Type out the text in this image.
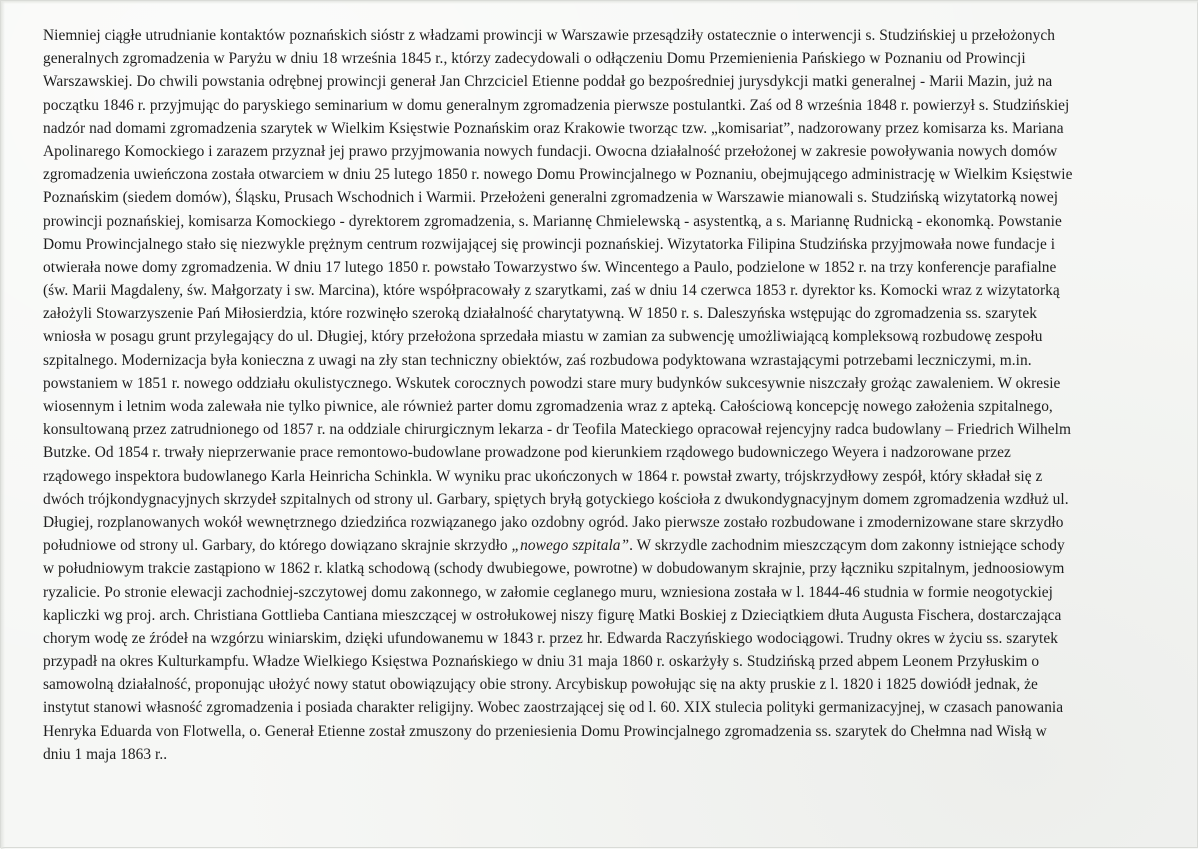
Niemniej ciągłe utrudnianie kontaktów poznańskich sióstr z władzami prowincji w Warszawie przesądziły ostatecznie o interwencji s. Studzińskiej u przełożonych
generalnych zgromadzenia w Paryżu w dniu 18 września 1845 r., którzy zadecydowali o odłączeniu Domu Przemienienia Pańskiego w Poznaniu od Prowincji
Warszawskiej. Do chwili powstania odrębnej prowincji generał Jan Chrzciciel Etienne poddał go bezpośredniej jurysdykcji matki generalnej - Marii Mazin, już na
początku 1846 r. przyjmując do paryskiego seminarium w domu generalnym zgromadzenia pierwsze postulantki. Zaś od 8 września 1848 r. powierzył s. Studzińskiej
nadzór nad domami zgromadzenia szarytek w Wielkim Księstwie Poznańskim oraz Krakowie tworząc tzw. „komisariat”, nadzorowany przez komisarza ks. Mariana
Apolinarego Komockiego i zarazem przyznał jej prawo przyjmowania nowych fundacji. Owocna działalność przełożonej w zakresie powoływania nowych domów
zgromadzenia uwieńczona została otwarciem w dniu 25 lutego 1850 r. nowego Domu Prowincjalnego w Poznaniu, obejmującego administrację w Wielkim Księstwie
Poznańskim (siedem domów), Śląsku, Prusach Wschodnich i Warmii. Przełożeni generalni zgromadzenia w Warszawie mianowali s. Studzińską wizytatorką nowej
prowincji poznańskiej, komisarza Komockiego - dyrektorem zgromadzenia, s. Mariannę Chmielewską - asystentką, a s. Mariannę Rudnicką - ekonomką. Powstanie
Domu Prowincjalnego stało się niezwykle prężnym centrum rozwijającej się prowincji poznańskiej. Wizytatorka Filipina Studzińska przyjmowała nowe fundacje i
otwierała nowe domy zgromadzenia. W dniu 17 lutego 1850 r. powstało Towarzystwo św. Wincentego a Paulo, podzielone w 1852 r. na trzy konferencje parafialne
(św. Marii Magdaleny, św. Małgorzaty i sw. Marcina), które współpracowały z szarytkami, zaś w dniu 14 czerwca 1853 r. dyrektor ks. Komocki wraz z wizytatorką
założyli Stowarzyszenie Pań Miłosierdzia, które rozwinęło szeroką działalność charytatywną. W 1850 r. s. Daleszyńska wstępując do zgromadzenia ss. szarytek
wniosła w posagu grunt przylegający do ul. Długiej, który przełożona sprzedała miastu w zamian za subwencję umożliwiającą kompleksową rozbudowę zespołu
szpitalnego. Modernizacja była konieczna z uwagi na zły stan techniczny obiektów, zaś rozbudowa podyktowana wzrastającymi potrzebami leczniczymi, m.in.
powstaniem w 1851 r. nowego oddziału okulistycznego. Wskutek corocznych powodzi stare mury budynków sukcesywnie niszczały grożąc zawaleniem. W okresie
wiosennym i letnim woda zalewała nie tylko piwnice, ale również parter domu zgromadzenia wraz z apteką. Całościową koncepcję nowego założenia szpitalnego,
konsultowaną przez zatrudnionego od 1857 r. na oddziale chirurgicznym lekarza - dr Teofila Mateckiego opracował rejencyjny radca budowlany – Friedrich Wilhelm
Butzke. Od 1854 r. trwały nieprzerwanie prace remontowo-budowlane prowadzone pod kierunkiem rządowego budowniczego Weyera i nadzorowane przez
rządowego inspektora budowlanego Karla Heinricha Schinkla. W wyniku prac ukończonych w 1864 r. powstał zwarty, trójskrzydłowy zespół, który składał się z
dwóch trójkondygnacyjnych skrzydeł szpitalnych od strony ul. Garbary, spiętych bryłą gotyckiego kościoła z dwukondygnacyjnym domem zgromadzenia wzdłuż ul.
Długiej, rozplanowanych wokół wewnętrznego dziedzińca rozwiązanego jako ozdobny ogród. Jako pierwsze zostało rozbudowane i zmodernizowane stare skrzydło
południowe od strony ul. Garbary, do którego dowiązano skrajnie skrzydło „nowego szpitala”. W skrzydle zachodnim mieszczącym dom zakonny istniejące schody
w południowym trakcie zastąpiono w 1862 r. klatką schodową (schody dwubiegowe, powrotne) w dobudowanym skrajnie, przy łączniku szpitalnym, jednoosiowym
ryzalicie. Po stronie elewacji zachodniej-szczytowej domu zakonnego, w załomie ceglanego muru, wzniesiona została w l. 1844-46 studnia w formie neogotyckiej
kapliczki wg proj. arch. Christiana Gottlieba Cantiana mieszczącej w ostrołukowej niszy figurę Matki Boskiej z Dzieciątkiem dłuta Augusta Fischera, dostarczająca
chorym wodę ze źródeł na wzgórzu winiarskim, dzięki ufundowanemu w 1843 r. przez hr. Edwarda Raczyńskiego wodociągowi. Trudny okres w życiu ss. szarytek
przypadł na okres Kulturkampfu. Władze Wielkiego Księstwa Poznańskiego w dniu 31 maja 1860 r. oskarżyły s. Studzińską przed abpem Leonem Przyłuskim o
samowolną działalność, proponując ułożyć nowy statut obowiązujący obie strony. Arcybiskup powołując się na akty pruskie z l. 1820 i 1825 dowiódł jednak, że
instytut stanowi własność zgromadzenia i posiada charakter religijny. Wobec zaostrzającej się od l. 60. XIX stulecia polityki germanizacyjnej, w czasach panowania
Henryka Eduarda von Flotwella, o. Generał Etienne został zmuszony do przeniesienia Domu Prowincjalnego zgromadzenia ss. szarytek do Chełmna nad Wisłą w
dniu 1 maja 1863 r..
